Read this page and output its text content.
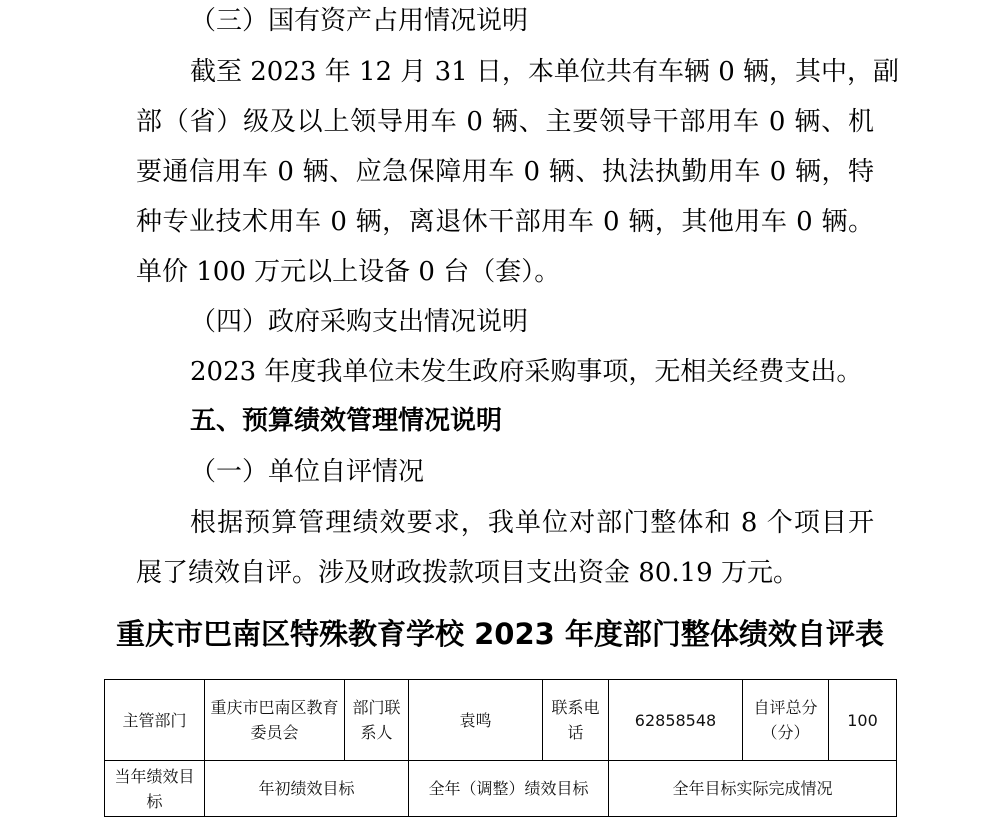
（三）国有资产占用情况说明
截至 2023 年 12 月 31 日，本单位共有车辆 0 辆，其中，副
部（省）级及以上领导用车 0 辆、主要领导干部用车 0 辆、机
要通信用车 0 辆、应急保障用车 0 辆、执法执勤用车 0 辆，特
种专业技术用车 0 辆，离退休干部用车 0 辆，其他用车 0 辆。
单价 100 万元以上设备 0 台（套）。
（四）政府采购支出情况说明
2023 年度我单位未发生政府采购事项，无相关经费支出。
五、预算绩效管理情况说明
（一）单位自评情况
根据预算管理绩效要求，我单位对部门整体和 8 个项目开
展了绩效自评。涉及财政拨款项目支出资金 80.19 万元。
重庆市巴南区特殊教育学校 2023 年度部门整体绩效自评表
主管部门	重庆市巴南区教育委员会	部门联系人	袁鸣	联系电话	62858548	自评总分（分）	100
当年绩效目标	年初绩效目标		全年（调整）绩效目标		全年目标实际完成情况		
